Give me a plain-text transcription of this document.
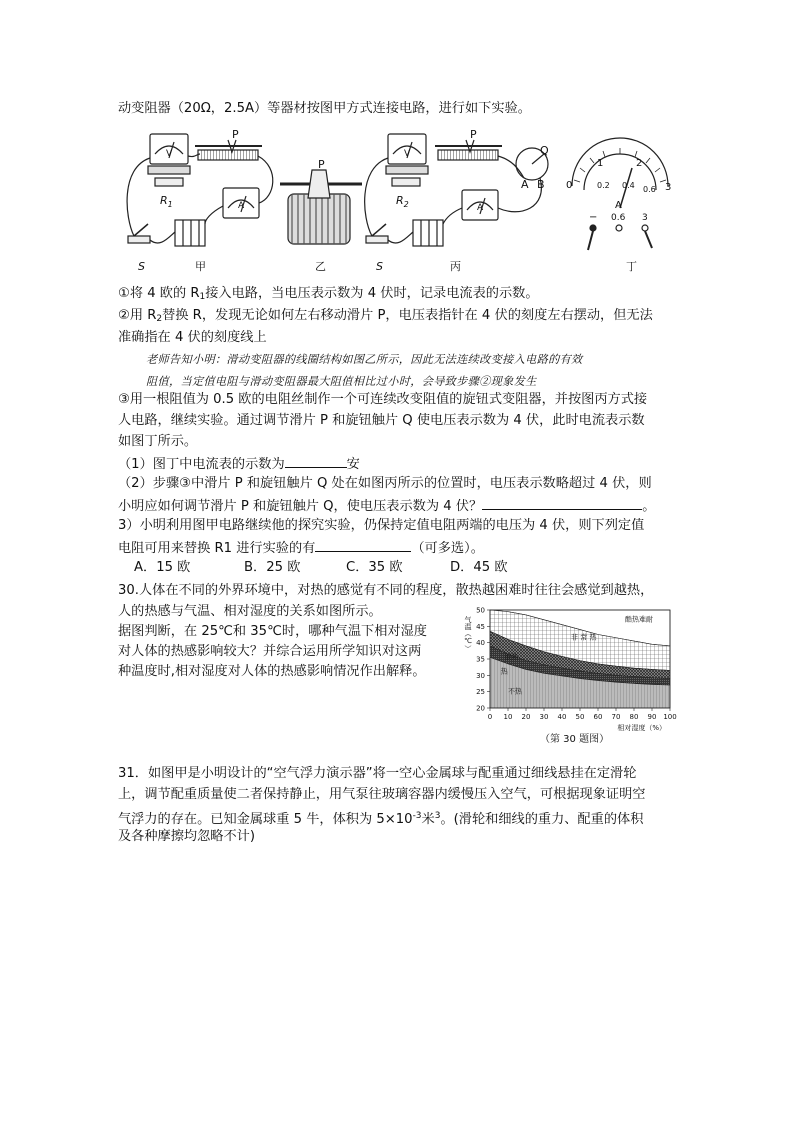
动变阻器（20Ω，2.5A）等器材按图甲方式连接电路，进行如下实验。
P
$R_1$
V
A
S
P
P
V
A
$R_2$
S
Q
A B 0
1	2
3
0.2 0.4 0.6
A
− 0.6 3
甲	乙	丙	丁
①将 4 欧的 $R_1$接入电路，当电压表示数为 4 伏时，记录电流表的示数。
②用 $R_2$替换 R，发现无论如何左右移动滑片 P，电压表指针在 4 伏的刻度左右摆动，但无法
准确指在 4 伏的刻度线上
老师告知小明：滑动变阻器的线圈结构如图乙所示，因此无法连续改变接入电路的有效
阻值，当定值电阻与滑动变阻器最大阻值相比过小时，会导致步骤②现象发生
③用一根阻值为 0.5 欧的电阻丝制作一个可连续改变阻值的旋钮式变阻器，并按图丙方式接
人电路，继续实验。通过调节滑片 P 和旋钮触片 Q 使电压表示数为 4 伏，此时电流表示数
如图丁所示。
（1）图丁中电流表的示数为	安
（2）步骤③中滑片 P 和旋钮触片 Q 处在如图丙所示的位置时，电压表示数略超过 4 伏，则
小明应如何调节滑片 P 和旋钮触片 Q，使电压表示数为 4 伏？	。
3）小明利用图甲电路继续他的探究实验，仍保持定值电阻两端的电压为 4 伏，则下列定值
电阻可用来替换 R1 进行实验的有	（可多选）。
A．15 欧	B．25 欧	C．35 欧	D．45 欧
30.人体在不同的外界环境中，对热的感觉有不同的程度，散热越困难时往往会感觉到越热，
人的热感与气温、相对湿度的关系如图所示。
据图判断，在 25℃和 35℃时，哪种气温下相对湿度
对人体的热感影响较大？并综合运用所学知识对这两
种温度时,相对湿度对人体的热感影响情况作出解释。
0 10 20 30 40 50 60 70 80 90 100
20
25
30
35
40
45
50
相对湿度（%）
气温（℃）	酷热难耐
非 常 热
很热
热
不热
（第 30 题图）
31．如图甲是小明设计的“空气浮力演示器”将一空心金属球与配重通过细线悬挂在定滑轮
上，调节配重质量使二者保持静止，用气泵往玻璃容器内缓慢压入空气，可根据现象证明空
气浮力的存在。已知金属球重 5 牛，体积为 $5\times 10^{-3}$米$^3$。(滑轮和细线的重力、配重的体积
及各种摩擦均忽略不计)
